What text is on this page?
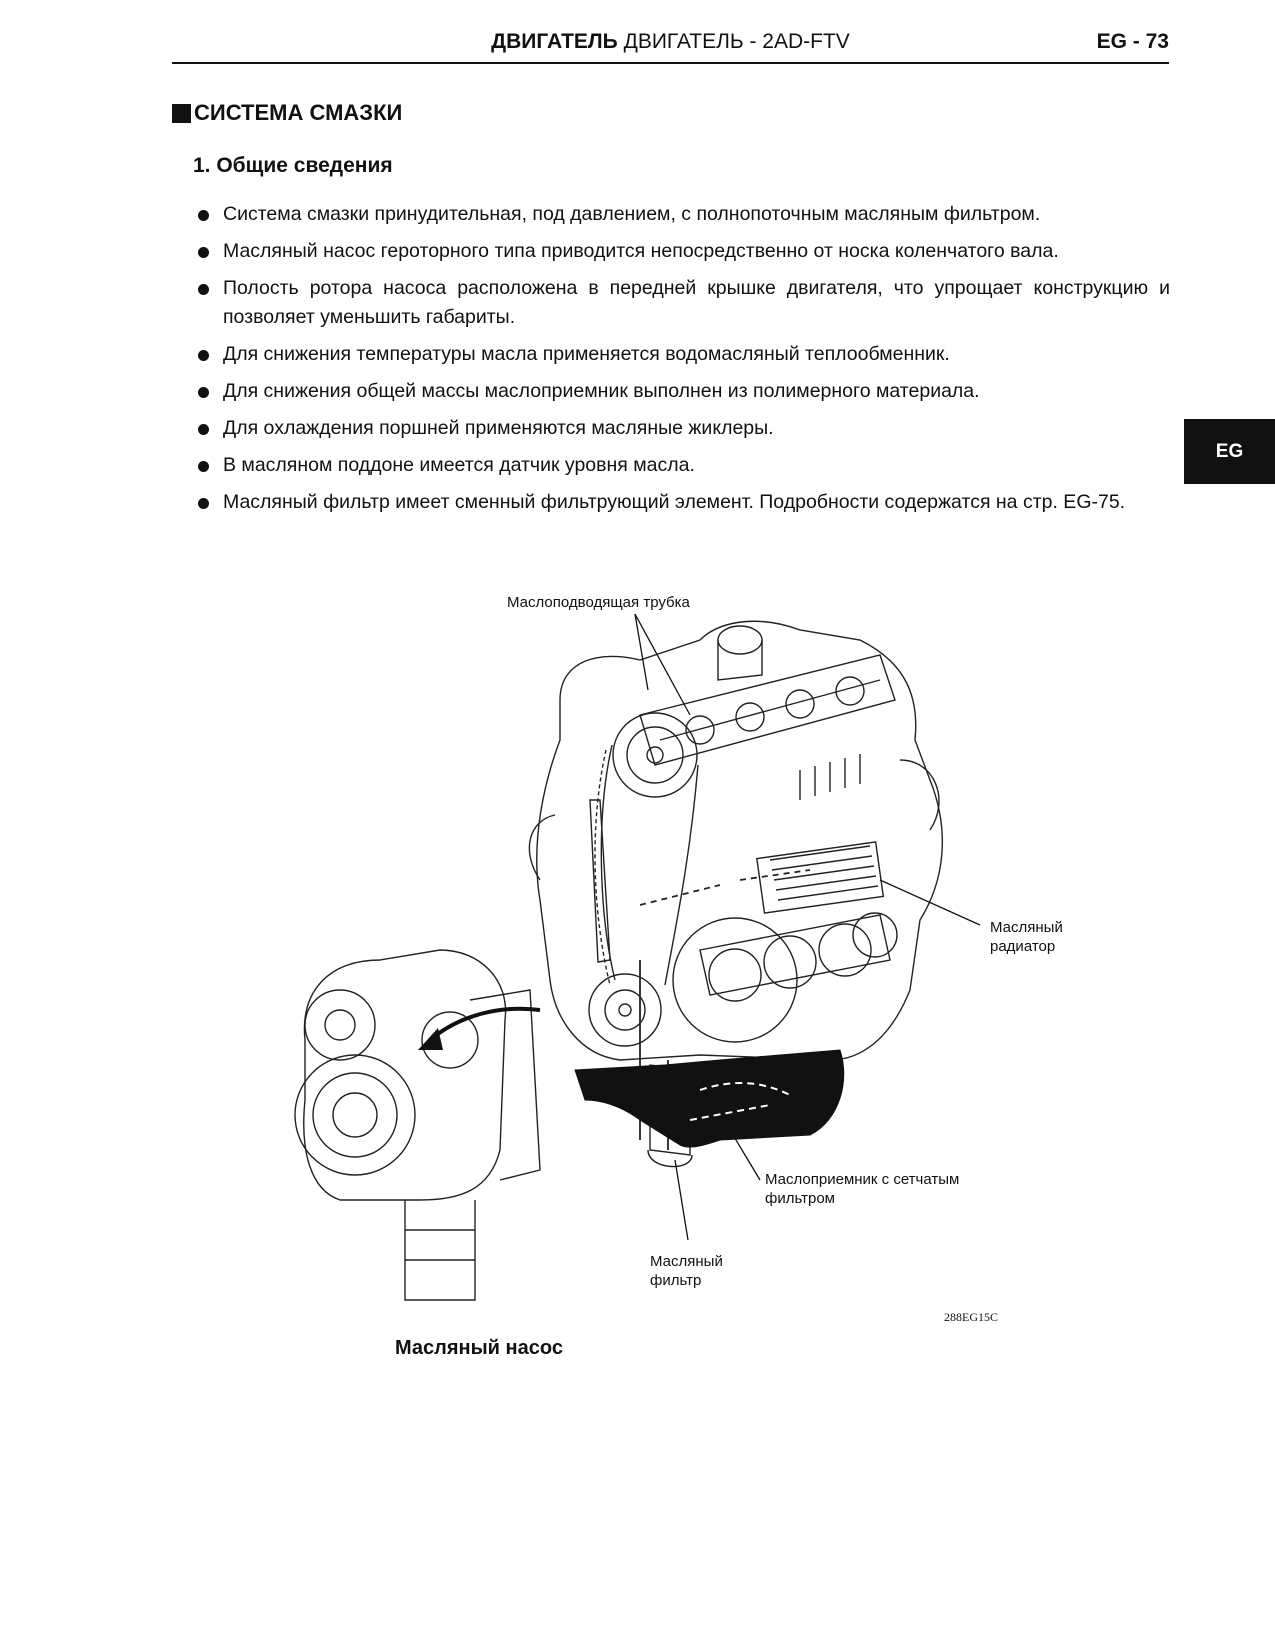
ДВИГАТЕЛЬ ДВИГАТЕЛЬ - 2AD-FTV	EG - 73
СИСТЕМА СМАЗКИ
1. Общие сведения
Система смазки принудительная, под давлением, с полнопоточным масляным фильтром.
Масляный насос героторного типа приводится непосредственно от носка коленчатого вала.
Полость ротора насоса расположена в передней крышке двигателя, что упрощает конструкцию и позволяет уменьшить габариты.
Для снижения температуры масла применяется водомасляный теплообменник.
Для снижения общей массы маслоприемник выполнен из полимерного материала.
Для охлаждения поршней применяются масляные жиклеры.
В масляном поддоне имеется датчик уровня масла.
Масляный фильтр имеет сменный фильтрующий элемент. Подробности содержатся на стр. EG-75.
EG
Маслоподводящая трубка
Масляный
радиатор
Маслоприемник с сетчатым
фильтром
Масляный
фильтр
288EG15C
Масляный насос
